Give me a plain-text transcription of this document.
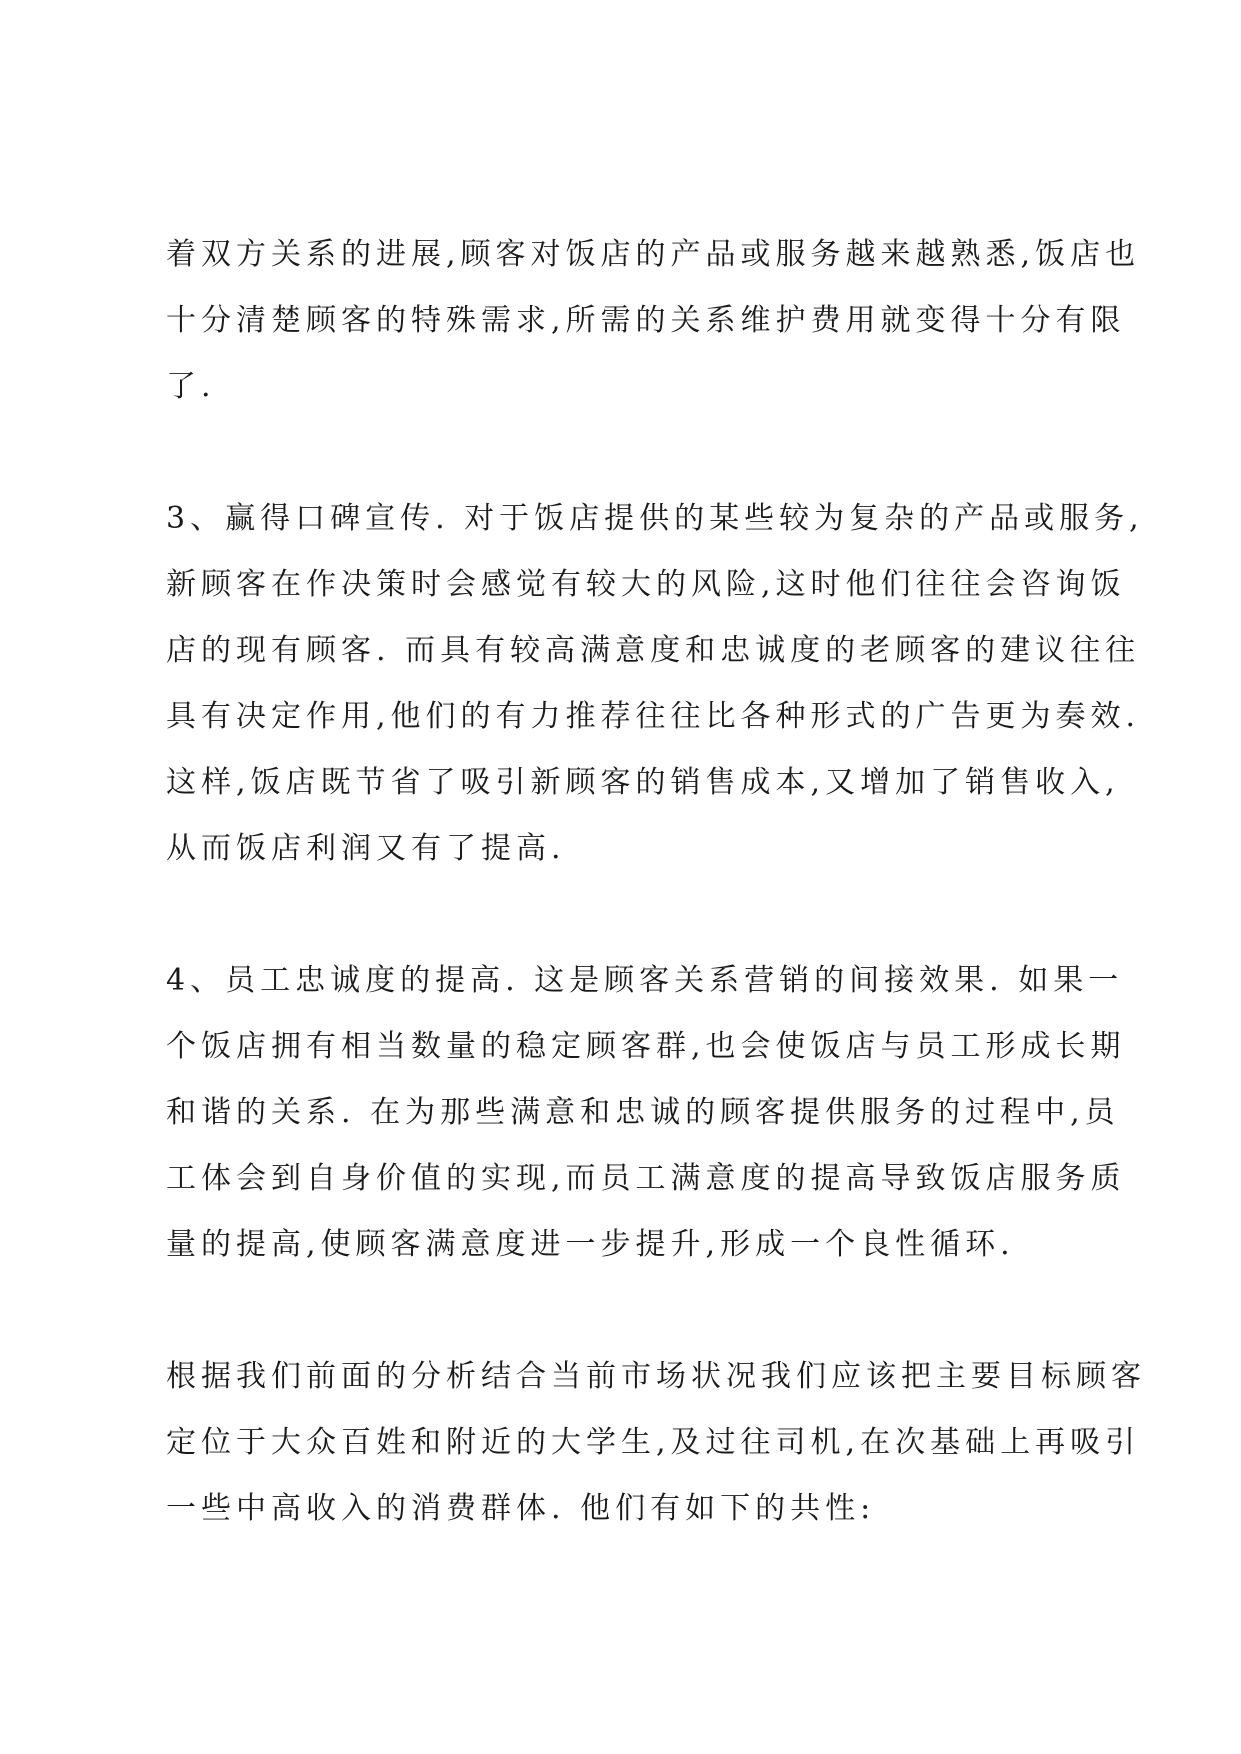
着双方关系的进展,顾客对饭店的产品或服务越来越熟悉,饭店也
十分清楚顾客的特殊需求,所需的关系维护费用就变得十分有限
了.

3、赢得口碑宣传. 对于饭店提供的某些较为复杂的产品或服务,
新顾客在作决策时会感觉有较大的风险,这时他们往往会咨询饭
店的现有顾客. 而具有较高满意度和忠诚度的老顾客的建议往往
具有决定作用,他们的有力推荐往往比各种形式的广告更为奏效.
这样,饭店既节省了吸引新顾客的销售成本,又增加了销售收入,
从而饭店利润又有了提高.

4、员工忠诚度的提高. 这是顾客关系营销的间接效果. 如果一
个饭店拥有相当数量的稳定顾客群,也会使饭店与员工形成长期
和谐的关系. 在为那些满意和忠诚的顾客提供服务的过程中,员
工体会到自身价值的实现,而员工满意度的提高导致饭店服务质
量的提高,使顾客满意度进一步提升,形成一个良性循环.

根据我们前面的分析结合当前市场状况我们应该把主要目标顾客
定位于大众百姓和附近的大学生,及过往司机,在次基础上再吸引
一些中高收入的消费群体. 他们有如下的共性:
